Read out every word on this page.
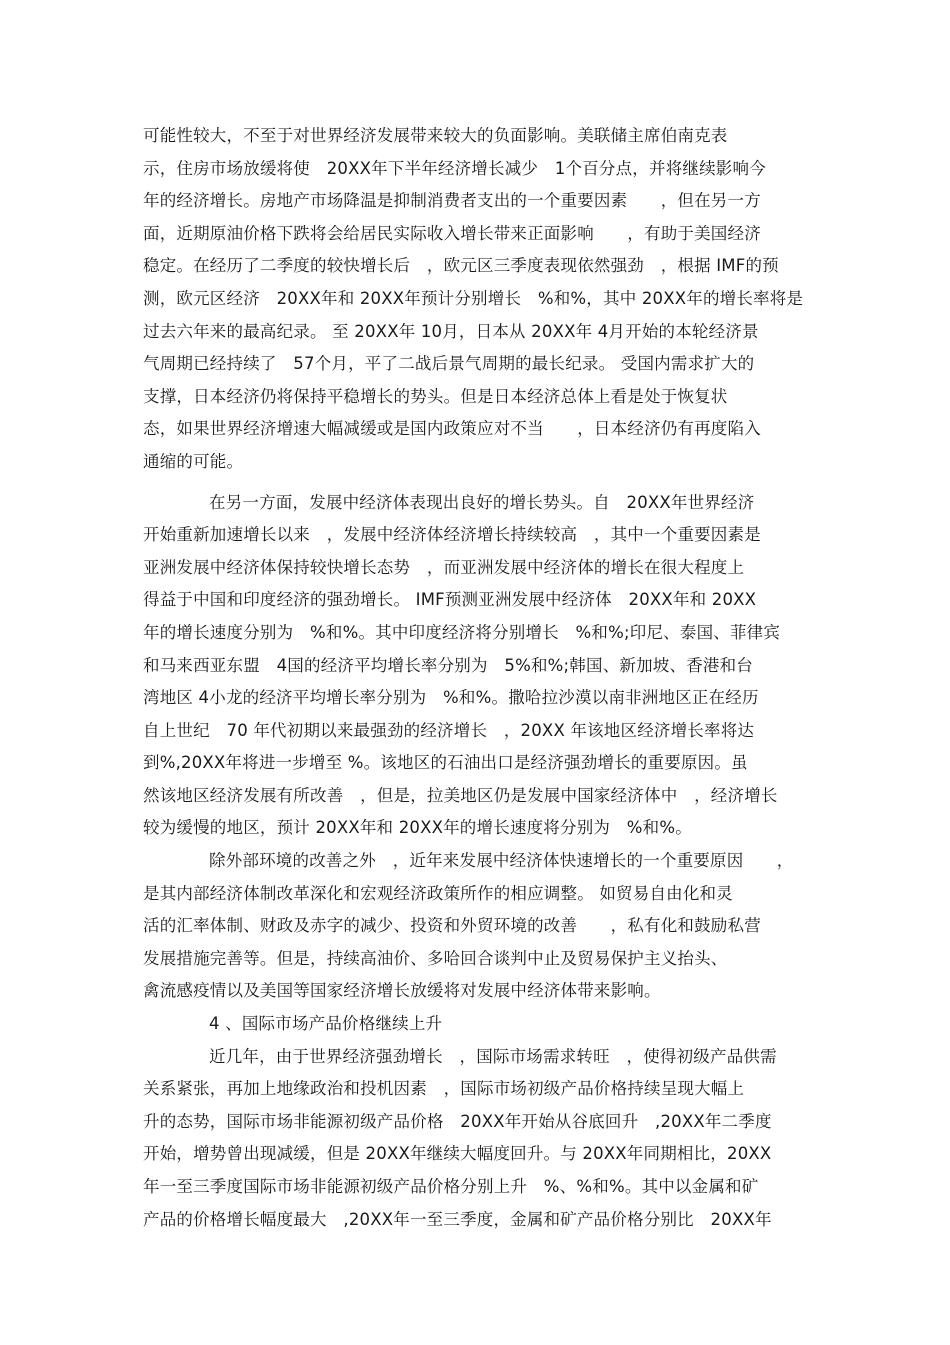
可能性较大，不至于对世界经济发展带来较大的负面影响。美联储主席伯南克表
示，住房市场放缓将使　20XX年下半年经济增长减少　1个百分点，并将继续影响今
年的经济增长。房地产市场降温是抑制消费者支出的一个重要因素　　，但在另一方
面，近期原油价格下跌将会给居民实际收入增长带来正面影响　　，有助于美国经济
稳定。在经历了二季度的较快增长后　，欧元区三季度表现依然强劲　，根据 IMF的预
测，欧元区经济　20XX年和 20XX年预计分别增长　%和%，其中 20XX年的增长率将是
过去六年来的最高纪录。 至 20XX年 10月，日本从 20XX年 4月开始的本轮经济景
气周期已经持续了　57个月，平了二战后景气周期的最长纪录。 受国内需求扩大的
支撑，日本经济仍将保持平稳增长的势头。但是日本经济总体上看是处于恢复状
态，如果世界经济增速大幅减缓或是国内政策应对不当　　，日本经济仍有再度陷入
通缩的可能。
在另一方面，发展中经济体表现出良好的增长势头。自　20XX年世界经济
开始重新加速增长以来　，发展中经济体经济增长持续较高　，其中一个重要因素是
亚洲发展中经济体保持较快增长态势　，而亚洲发展中经济体的增长在很大程度上
得益于中国和印度经济的强劲增长。 IMF预测亚洲发展中经济体　20XX年和 20XX
年的增长速度分别为　%和%。其中印度经济将分别增长　%和%;印尼、泰国、菲律宾
和马来西亚东盟　4国的经济平均增长率分别为　5%和%;韩国、新加坡、香港和台
湾地区 4小龙的经济平均增长率分别为　%和%。撒哈拉沙漠以南非洲地区正在经历
自上世纪　70 年代初期以来最强劲的经济增长　，20XX 年该地区经济增长率将达
到%,20XX年将进一步增至 %。该地区的石油出口是经济强劲增长的重要原因。虽
然该地区经济发展有所改善　，但是，拉美地区仍是发展中国家经济体中　，经济增长
较为缓慢的地区，预计 20XX年和 20XX年的增长速度将分别为　%和%。
除外部环境的改善之外　，近年来发展中经济体快速增长的一个重要原因　　，
是其内部经济体制改革深化和宏观经济政策所作的相应调整。 如贸易自由化和灵
活的汇率体制、财政及赤字的减少、投资和外贸环境的改善　　，私有化和鼓励私营
发展措施完善等。但是，持续高油价、多哈回合谈判中止及贸易保护主义抬头、
禽流感疫情以及美国等国家经济增长放缓将对发展中经济体带来影响。
4 、国际市场产品价格继续上升
近几年，由于世界经济强劲增长　，国际市场需求转旺　，使得初级产品供需
关系紧张，再加上地缘政治和投机因素　，国际市场初级产品价格持续呈现大幅上
升的态势，国际市场非能源初级产品价格　20XX年开始从谷底回升　,20XX年二季度
开始，增势曾出现减缓，但是 20XX年继续大幅度回升。与 20XX年同期相比，20XX
年一至三季度国际市场非能源初级产品价格分别上升　%、%和%。其中以金属和矿
产品的价格增长幅度最大　,20XX年一至三季度，金属和矿产品价格分别比　20XX年
